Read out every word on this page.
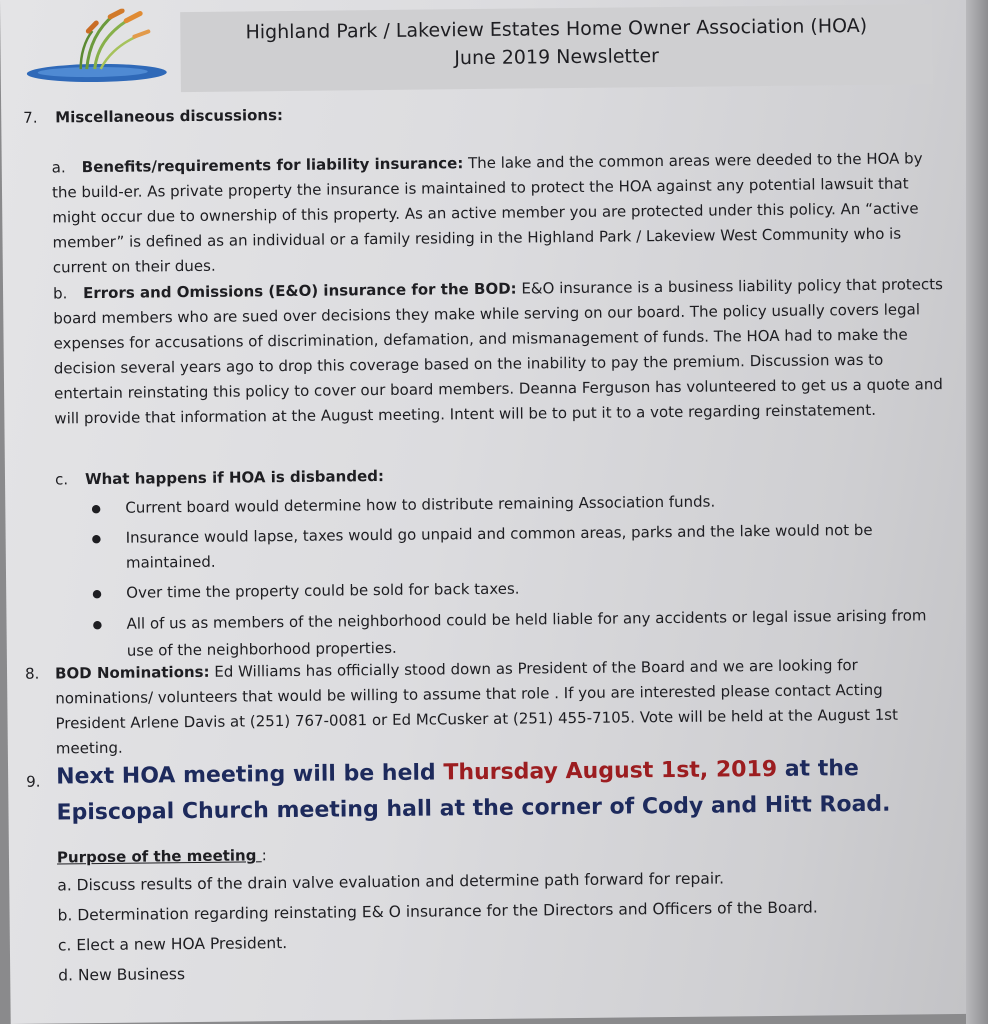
Highland Park / Lakeview Estates Home Owner Association (HOA)
June 2019 Newsletter
7. Miscellaneous discussions:
a. Benefits/requirements for liability insurance: The lake and the common areas were deeded to the HOA by the build-er. As private property the insurance is maintained to protect the HOA against any potential lawsuit that might occur due to ownership of this property. As an active member you are protected under this policy. An “active member” is defined as an individual or a family residing in the Highland Park / Lakeview West Community who is current on their dues.
b. Errors and Omissions (E&O) insurance for the BOD: E&O insurance is a business liability policy that protects board members who are sued over decisions they make while serving on our board. The policy usually covers legal expenses for accusations of discrimination, defamation, and mismanagement of funds. The HOA had to make the decision several years ago to drop this coverage based on the inability to pay the premium. Discussion was to entertain reinstating this policy to cover our board members. Deanna Ferguson has volunteered to get us a quote and will provide that information at the August meeting. Intent will be to put it to a vote regarding reinstatement.
c. What happens if HOA is disbanded:
● Current board would determine how to distribute remaining Association funds.
● Insurance would lapse, taxes would go unpaid and common areas, parks and the lake would not be maintained.
● Over time the property could be sold for back taxes.
● All of us as members of the neighborhood could be held liable for any accidents or legal issue arising from use of the neighborhood properties.
8.	BOD Nominations: Ed Williams has officially stood down as President of the Board and we are looking for nominations/ volunteers that would be willing to assume that role . If you are interested please contact Acting President Arlene Davis at (251) 767-0081 or Ed McCusker at (251) 455-7105. Vote will be held at the August 1st meeting.
9. Next HOA meeting will be held Thursday August 1st, 2019 at the Episcopal Church meeting hall at the corner of Cody and Hitt Road.
Purpose of the meeting :
a. Discuss results of the drain valve evaluation and determine path forward for repair.
b. Determination regarding reinstating E& O insurance for the Directors and Officers of the Board.
c. Elect a new HOA President.
d. New Business
